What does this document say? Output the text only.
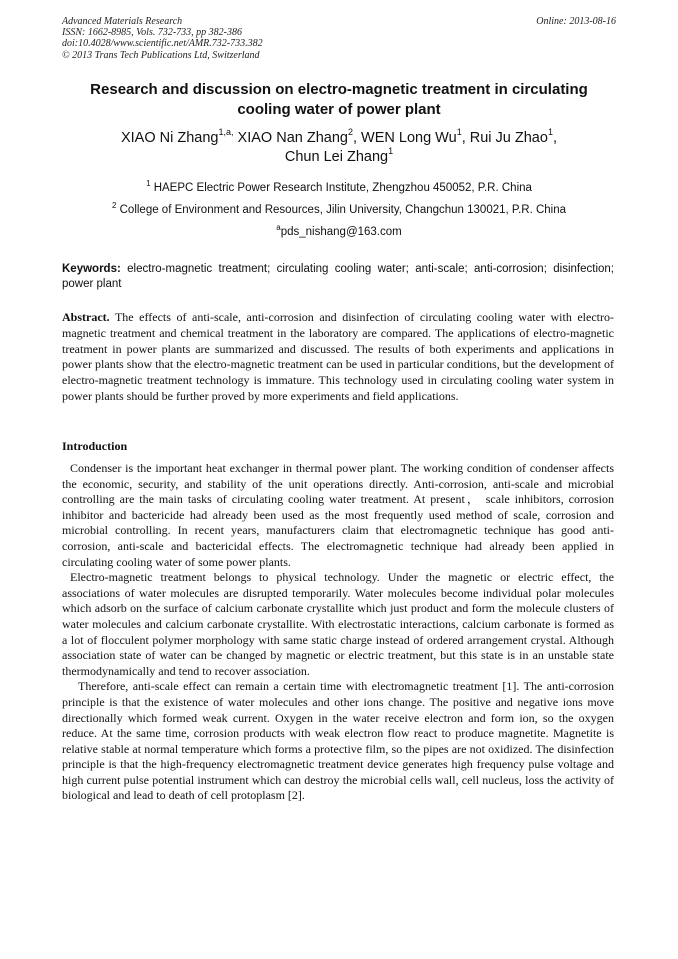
Advanced Materials Research
ISSN: 1662-8985, Vols. 732-733, pp 382-386
doi:10.4028/www.scientific.net/AMR.732-733.382
© 2013 Trans Tech Publications Ltd, Switzerland
Online: 2013-08-16
Research and discussion on electro-magnetic treatment in circulating
cooling water of power plant
XIAO Ni Zhang$^{1,a,}$ XIAO Nan Zhang$^2$, WEN Long Wu$^1$, Rui Ju Zhao$^1$,
Chun Lei Zhang$^1$
$^1$ HAEPC Electric Power Research Institute, Zhengzhou 450052, P.R. China
$^2$ College of Environment and Resources, Jilin University, Changchun 130021, P.R. China
$^a$pds_nishang@163.com
Keywords: electro-magnetic treatment; circulating cooling water; anti-scale; anti-corrosion; disinfection; power plant
Abstract. The effects of anti-scale, anti-corrosion and disinfection of circulating cooling water with electro-magnetic treatment and chemical treatment in the laboratory are compared. The applications of electro-magnetic treatment in power plants are summarized and discussed. The results of both experiments and applications in power plants show that the electro-magnetic treatment can be used in particular conditions, but the development of electro-magnetic treatment technology is immature. This technology used in circulating cooling water system in power plants should be further proved by more experiments and field applications.
Introduction

Condenser is the important heat exchanger in thermal power plant. The working condition of condenser affects the economic, security, and stability of the unit operations directly. Anti-corrosion, anti-scale and microbial controlling are the main tasks of circulating cooling water treatment. At present， scale inhibitors, corrosion inhibitor and bactericide had already been used as the most frequently used method of scale, corrosion and microbial controlling. In recent years, manufacturers claim that electromagnetic technique has good anti-corrosion, anti-scale and bactericidal effects. The electromagnetic technique had already been applied in circulating cooling water of some power plants.

Electro-magnetic treatment belongs to physical technology. Under the magnetic or electric effect, the associations of water molecules are disrupted temporarily. Water molecules become individual polar molecules which adsorb on the surface of calcium carbonate crystallite which just product and form the molecule clusters of water molecules and calcium carbonate crystallite. With electrostatic interactions, calcium carbonate is formed as a lot of flocculent polymer morphology with same static charge instead of ordered arrangement crystal. Although association state of water can be changed by magnetic or electric treatment, but this state is in an unstable state thermodynamically and tend to recover association.

Therefore, anti-scale effect can remain a certain time with electromagnetic treatment [1]. The anti-corrosion principle is that the existence of water molecules and other ions change. The positive and negative ions move directionally which formed weak current. Oxygen in the water receive electron and form ion, so the oxygen reduce. At the same time, corrosion products with weak electron flow react to produce magnetite. Magnetite is relative stable at normal temperature which forms a protective film, so the pipes are not oxidized. The disinfection principle is that the high-frequency electromagnetic treatment device generates high frequency pulse voltage and high current pulse potential instrument which can destroy the microbial cells wall, cell nucleus, loss the activity of biological and lead to death of cell protoplasm [2].
